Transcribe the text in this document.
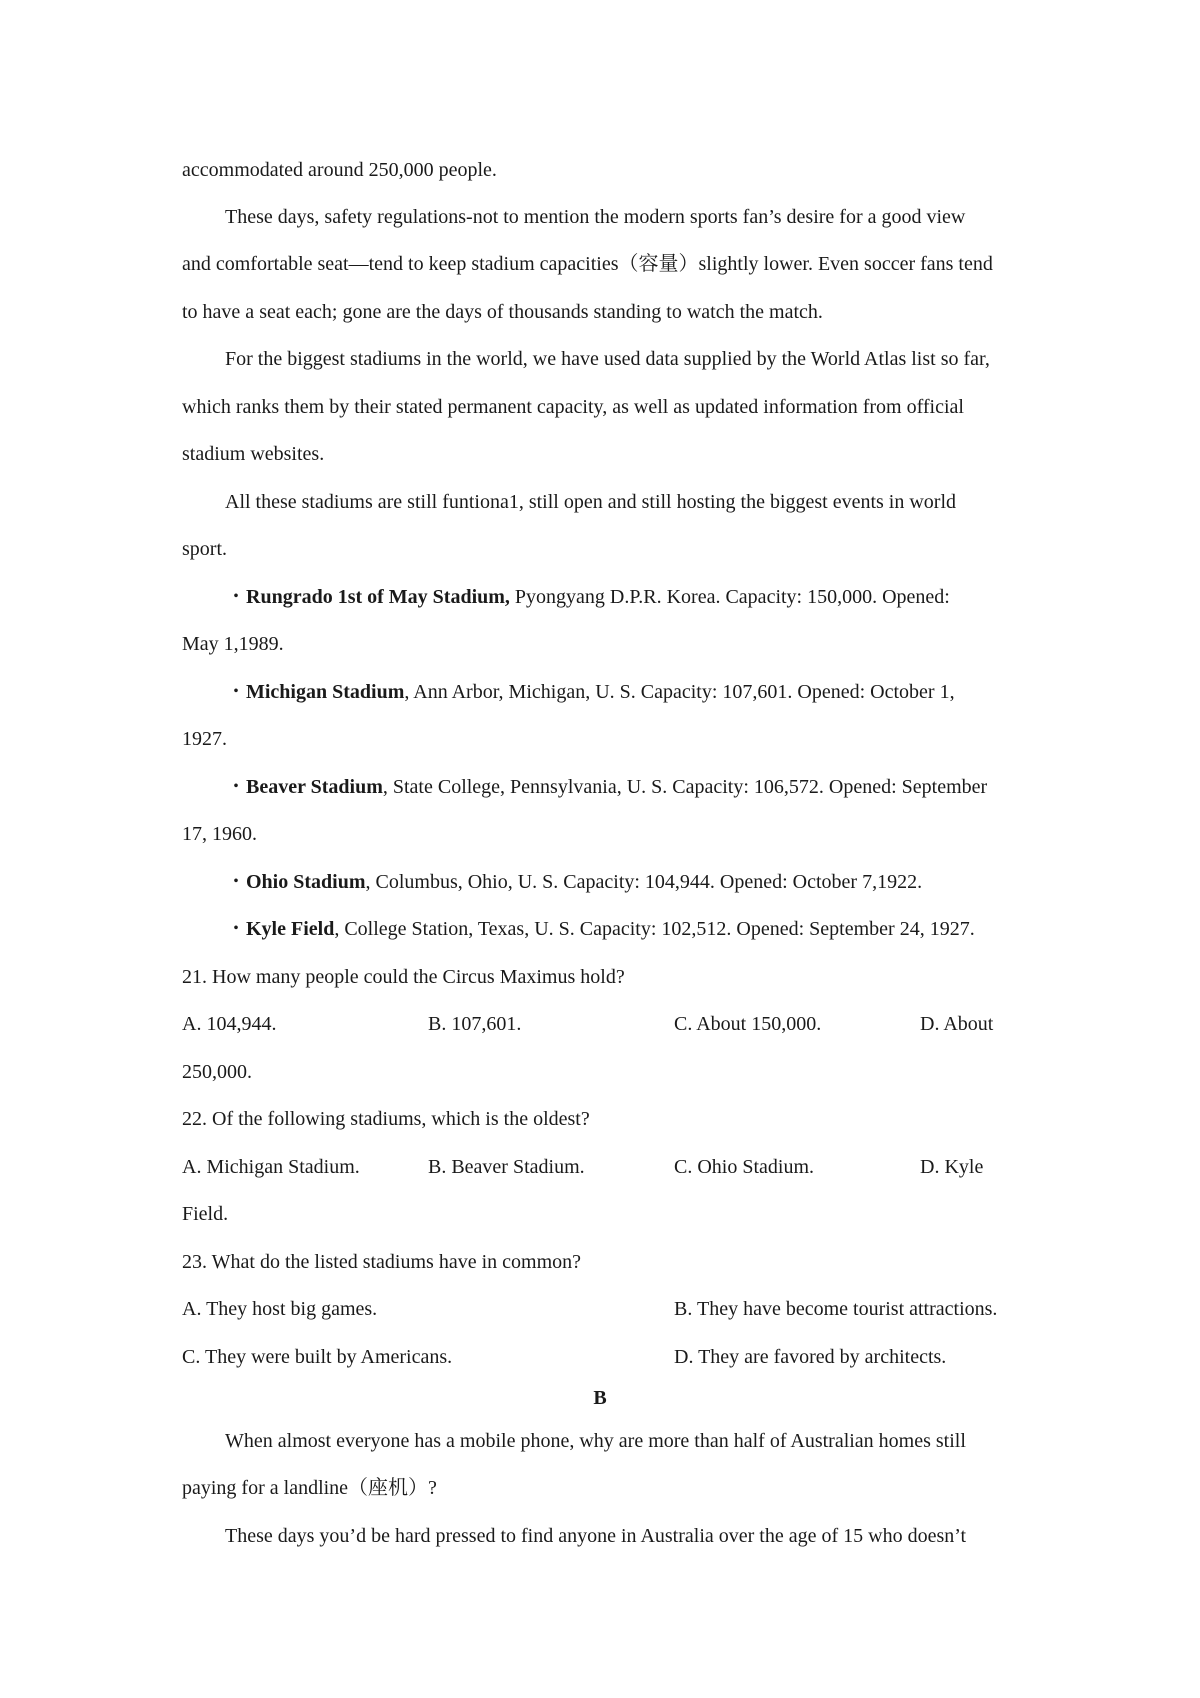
accommodated around 250,000 people.
These days, safety regulations-not to mention the modern sports fan’s desire for a good view
and comfortable seat—tend to keep stadium capacities（容量）slightly lower. Even soccer fans tend
to have a seat each; gone are the days of thousands standing to watch the match.
For the biggest stadiums in the world, we have used data supplied by the World Atlas list so far,
which ranks them by their stated permanent capacity, as well as updated information from official
stadium websites.
All these stadiums are still funtiona1, still open and still hosting the biggest events in world
sport.
・Rungrado 1st of May Stadium, Pyongyang D.P.R. Korea. Capacity: 150,000. Opened:
May 1,1989.
・Michigan Stadium, Ann Arbor, Michigan, U. S. Capacity: 107,601. Opened: October 1,
1927.
・Beaver Stadium, State College, Pennsylvania, U. S. Capacity: 106,572. Opened: September
17, 1960.
・Ohio Stadium, Columbus, Ohio, U. S. Capacity: 104,944. Opened: October 7,1922.
・Kyle Field, College Station, Texas, U. S. Capacity: 102,512. Opened: September 24, 1927.
21. How many people could the Circus Maximus hold?
A. 104,944.	B. 107,601.	C. About 150,000.	D. About
250,000.
22. Of the following stadiums, which is the oldest?
A. Michigan Stadium.	B. Beaver Stadium.	C. Ohio Stadium.	D. Kyle
Field.
23. What do the listed stadiums have in common?
A. They host big games.	B. They have become tourist attractions.
C. They were built by Americans.	D. They are favored by architects.
B
When almost everyone has a mobile phone, why are more than half of Australian homes still
paying for a landline（座机）?
These days you’d be hard pressed to find anyone in Australia over the age of 15 who doesn’t
